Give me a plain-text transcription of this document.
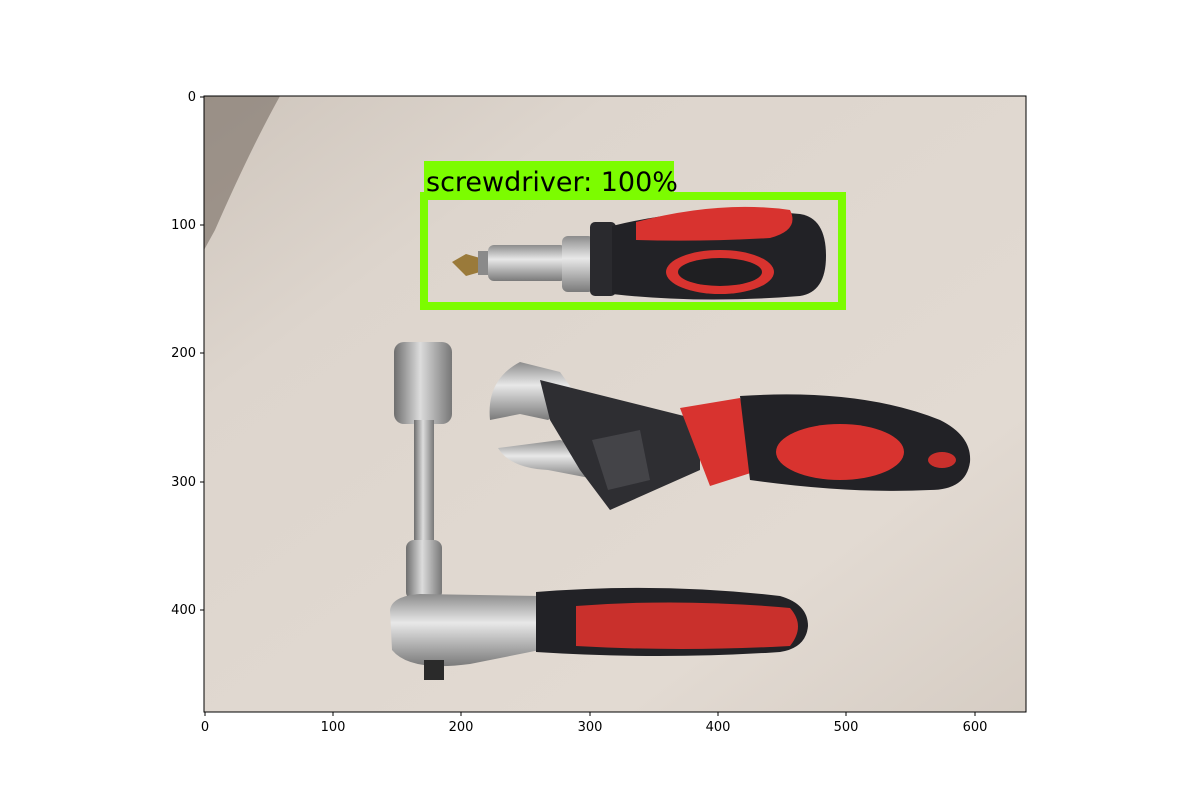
screwdriver: 100%
0	100	200	300	400	500	600
0
100
200
300
400
